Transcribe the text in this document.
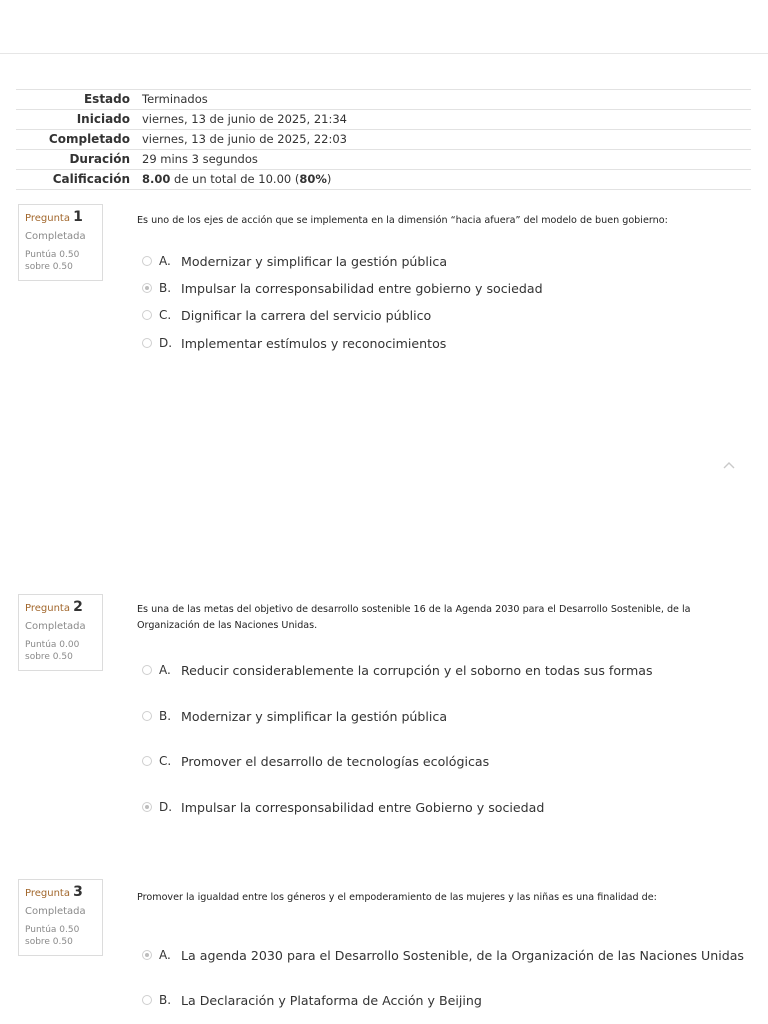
Estado	Terminados
Iniciado	viernes, 13 de junio de 2025, 21:34
Completado	viernes, 13 de junio de 2025, 22:03
Duración	29 mins 3 segundos
Calificación	8.00 de un total de 10.00 (80%)
Pregunta 1
Completada
Puntúa 0.50 sobre 0.50
Es uno de los ejes de acción que se implementa en la dimensión “hacia afuera” del modelo de buen gobierno:
A. Modernizar y simplificar la gestión pública
B. Impulsar la corresponsabilidad entre gobierno y sociedad
C. Dignificar la carrera del servicio público
D. Implementar estímulos y reconocimientos
Pregunta 2
Completada
Puntúa 0.00 sobre 0.50
Es una de las metas del objetivo de desarrollo sostenible 16 de la Agenda 2030 para el Desarrollo Sostenible, de la Organización de las Naciones Unidas.
A. Reducir considerablemente la corrupción y el soborno en todas sus formas
B. Modernizar y simplificar la gestión pública
C. Promover el desarrollo de tecnologías ecológicas
D. Impulsar la corresponsabilidad entre Gobierno y sociedad
Pregunta 3
Completada
Puntúa 0.50 sobre 0.50
Promover la igualdad entre los géneros y el empoderamiento de las mujeres y las niñas es una finalidad de:
A. La agenda 2030 para el Desarrollo Sostenible, de la Organización de las Naciones Unidas
B. La Declaración y Plataforma de Acción y Beijing
